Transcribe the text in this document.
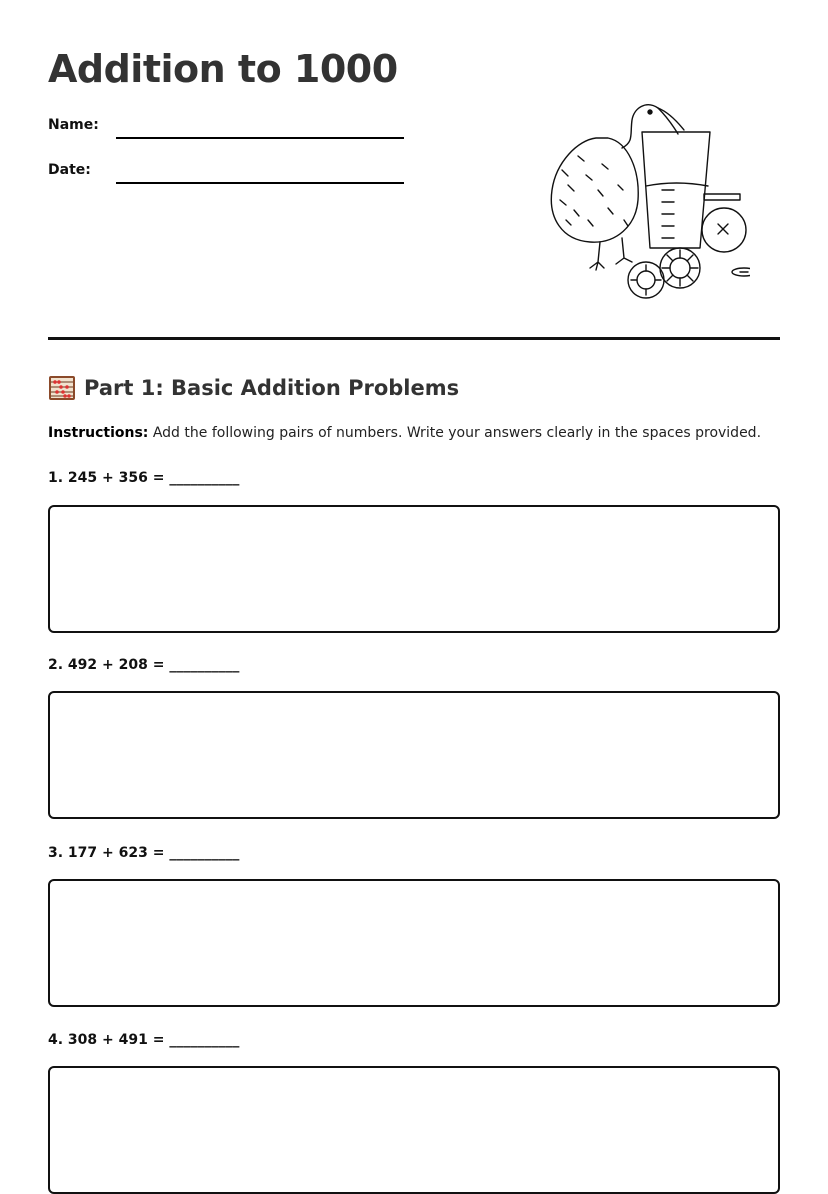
Addition to 1000
Name:
Date:
Part 1: Basic Addition Problems
Instructions: Add the following pairs of numbers. Write your answers clearly in the spaces provided.
1. 245 + 356 = __________
2. 492 + 208 = __________
3. 177 + 623 = __________
4. 308 + 491 = __________
